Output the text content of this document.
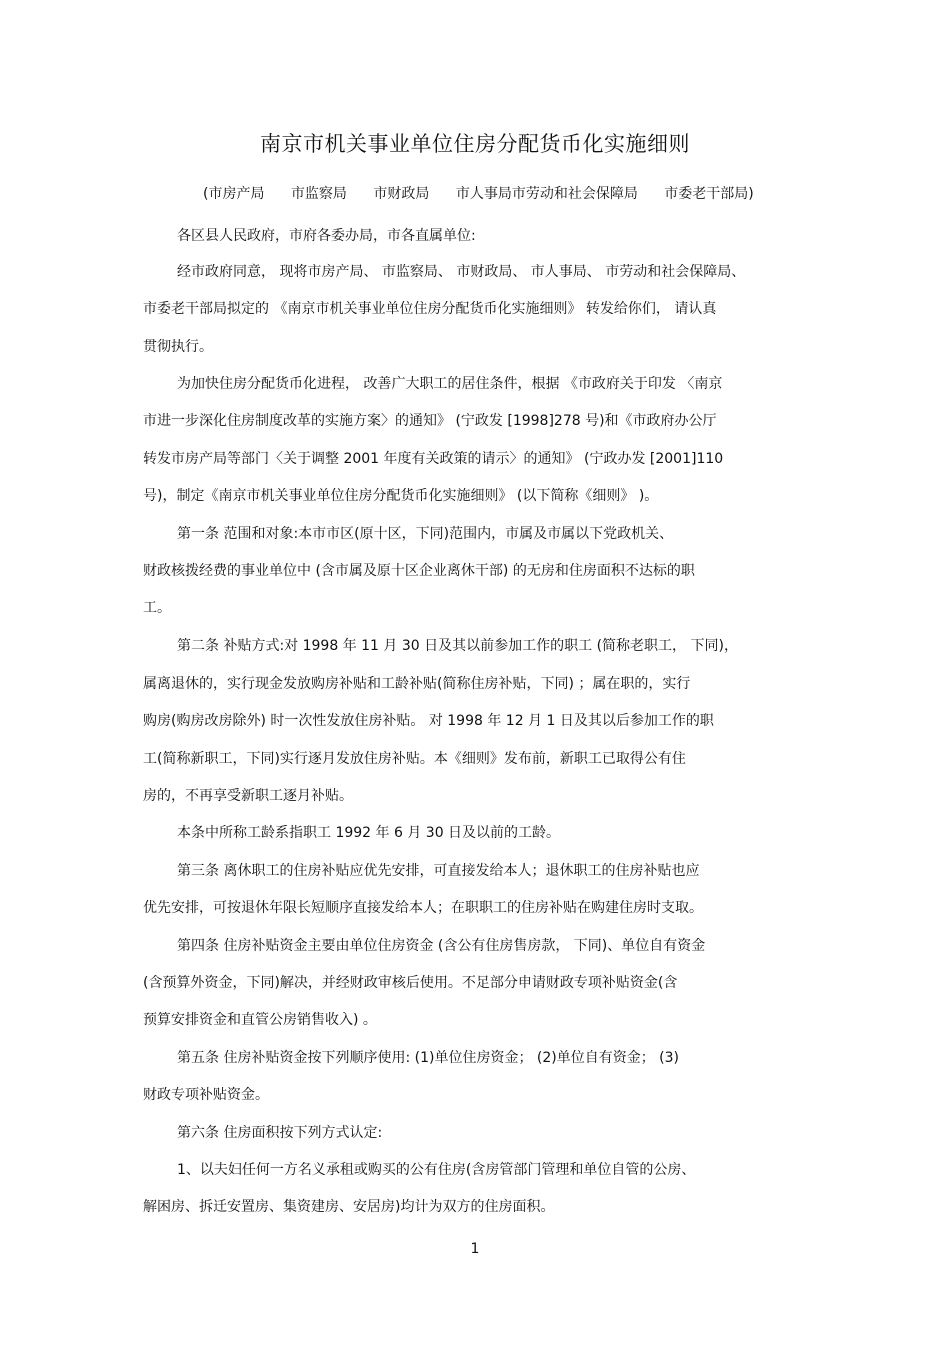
南京市机关事业单位住房分配货币化实施细则
(市房产局 市监察局 市财政局 市人事局市劳动和社会保障局 市委老干部局)
各区县人民政府，市府各委办局，市各直属单位:
经市政府同意， 现将市房产局、 市监察局、 市财政局、 市人事局、 市劳动和社会保障局、
市委老干部局拟定的 《南京市机关事业单位住房分配货币化实施细则》 转发给你们， 请认真
贯彻执行。
为加快住房分配货币化进程， 改善广大职工的居住条件，根据 《市政府关于印发 〈南京
市进一步深化住房制度改革的实施方案〉的通知》 (宁政发 [1998]278 号)和《市政府办公厅
转发市房产局等部门〈关于调整 2001 年度有关政策的请示〉的通知》 (宁政办发 [2001]110
号)，制定《南京市机关事业单位住房分配货币化实施细则》 (以下简称《细则》 )。
第一条 范围和对象:本市市区(原十区，下同)范围内，市属及市属以下党政机关、
财政核拨经费的事业单位中 (含市属及原十区企业离休干部) 的无房和住房面积不达标的职
工。
第二条 补贴方式:对 1998 年 11 月 30 日及其以前参加工作的职工 (简称老职工， 下同)，
属离退休的，实行现金发放购房补贴和工龄补贴(简称住房补贴，下同) ；属在职的，实行
购房(购房改房除外) 时一次性发放住房补贴。 对 1998 年 12 月 1 日及其以后参加工作的职
工(简称新职工，下同)实行逐月发放住房补贴。本《细则》发布前，新职工已取得公有住
房的，不再享受新职工逐月补贴。
本条中所称工龄系指职工 1992 年 6 月 30 日及以前的工龄。
第三条 离休职工的住房补贴应优先安排，可直接发给本人；退休职工的住房补贴也应
优先安排，可按退休年限长短顺序直接发给本人；在职职工的住房补贴在购建住房时支取。
第四条 住房补贴资金主要由单位住房资金 (含公有住房售房款， 下同)、单位自有资金
(含预算外资金，下同)解决，并经财政审核后使用。不足部分申请财政专项补贴资金(含
预算安排资金和直管公房销售收入) 。
第五条 住房补贴资金按下列顺序使用: (1)单位住房资金； (2)单位自有资金； (3)
财政专项补贴资金。
第六条 住房面积按下列方式认定:
1、以夫妇任何一方名义承租或购买的公有住房(含房管部门管理和单位自管的公房、
解困房、拆迁安置房、集资建房、安居房)均计为双方的住房面积。
1
